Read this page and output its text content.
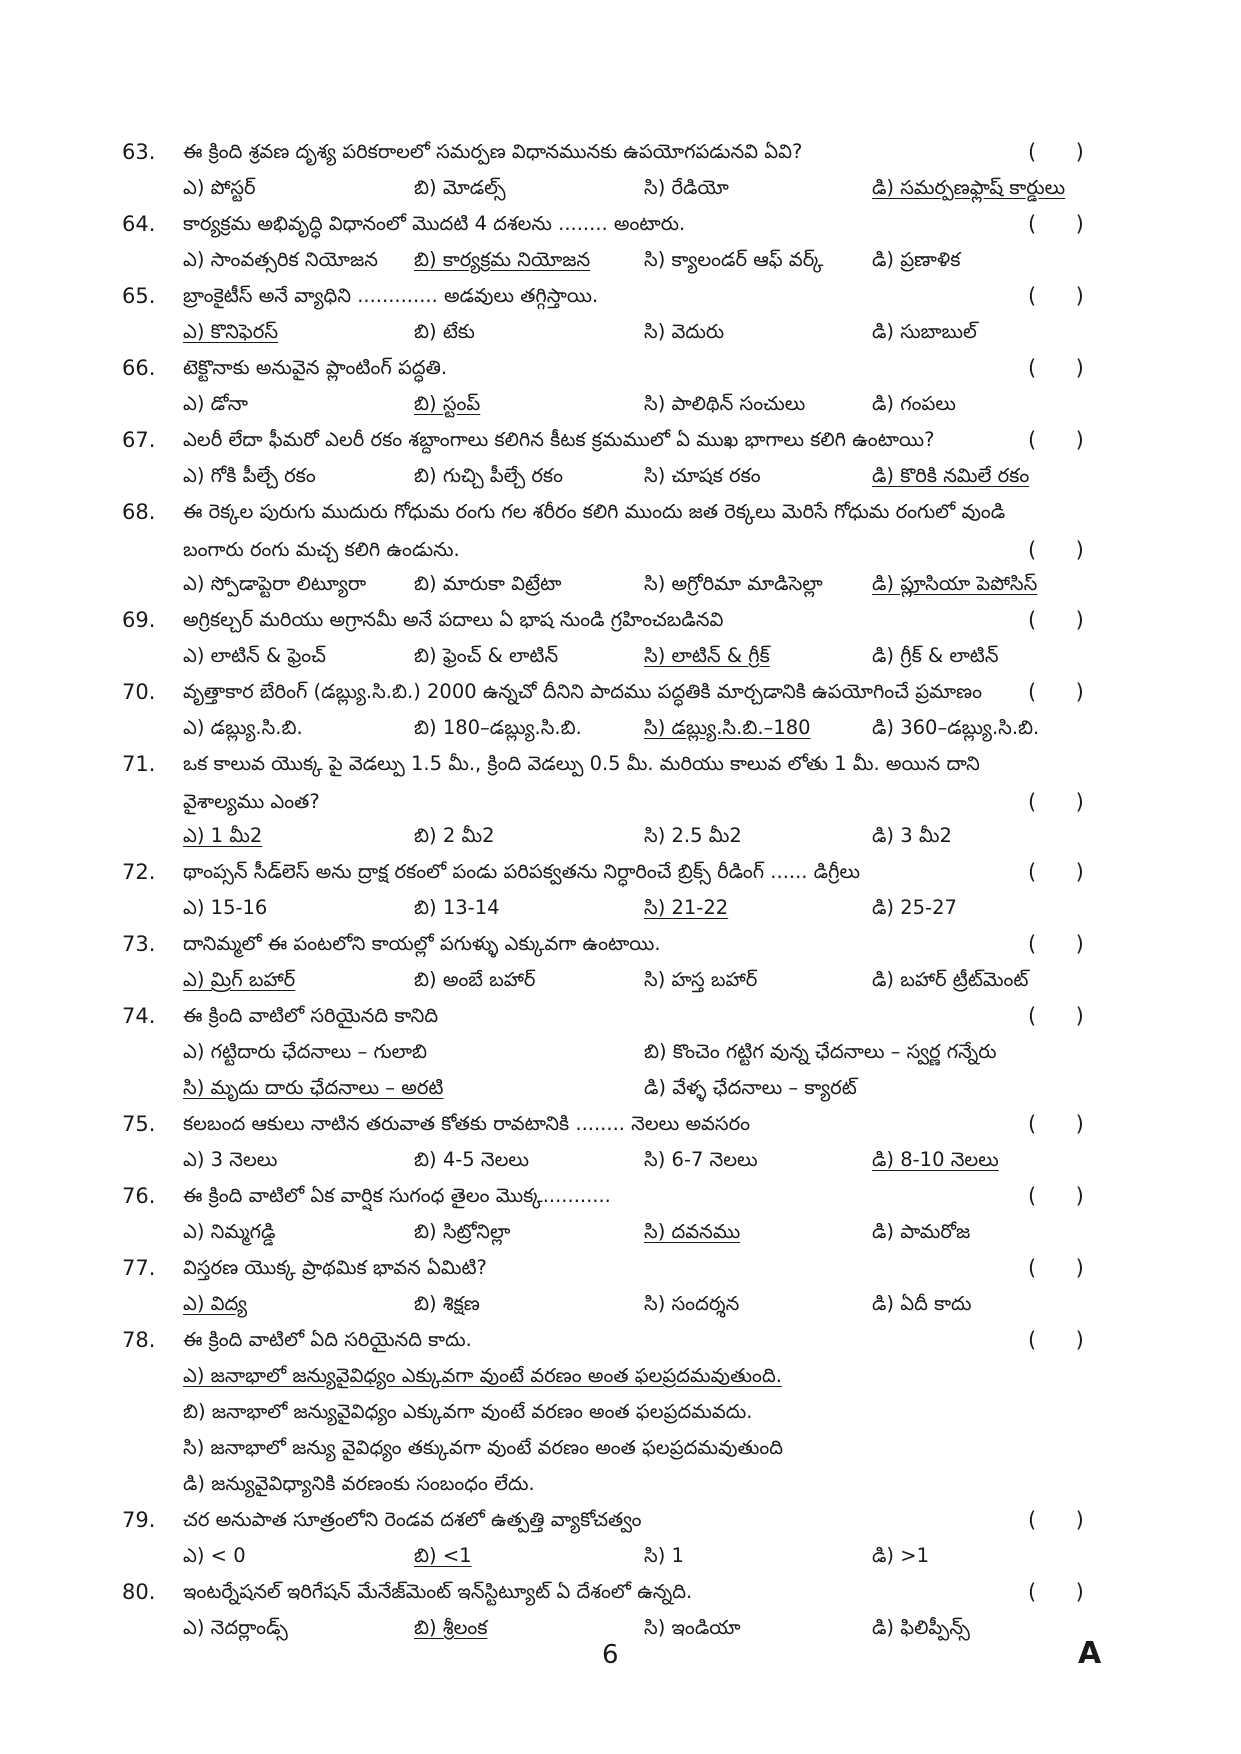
63. ఈ క్రింది శ్రవణ దృశ్య పరికరాలలో సమర్పణ విధానమునకు ఉపయోగపడునవి ఏవి?	(     )
ఎ) పోస్టర్	బి) మోడల్స్	సి) రేడియో	డి) సమర్పణఫ్లాష్ కార్డులు
64. కార్యక్రమ అభివృద్ధి విధానంలో మొదటి 4 దశలను ........ అంటారు.	(     )
ఎ) సాంవత్సరిక నియోజన బి) కార్యక్రమ నియోజన	సి) క్యాలండర్ ఆఫ్ వర్క్ డి) ప్రణాళిక
65. బ్రాంకైటీస్ అనే వ్యాధిని ............. అడవులు తగ్గిస్తాయి.	(     )
ఎ) కొనిఫెరస్	బి) టేకు	సి) వెదురు	డి) సుబాబుల్
66. టెక్టొనాకు అనువైన ప్లాంటింగ్ పద్ధతి.	(     )
ఎ) డోనా	బి) స్టంప్	సి) పాలిథిన్ సంచులు	డి) గంపలు
67. ఎలరీ లేదా ఫీమరో ఎలరీ రకం శబ్దాంగాలు కలిగిన కీటక క్రమములో ఏ ముఖ భాగాలు కలిగి ఉంటాయి?	(     )
ఎ) గోకి పీల్చే రకం	బి) గుచ్చి పీల్చే రకం	సి) చూషక రకం	డి) కొరికి నమిలే రకం
68. ఈ రెక్కల పురుగు ముదురు గోధుమ రంగు గల శరీరం కలిగి ముందు జత రెక్కలు మెరిసే గోధుమ రంగులో వుండి
బంగారు రంగు మచ్చ కలిగి ఉండును.	(     )
ఎ) స్పోడాప్టెరా లిట్యూరా బి) మారుకా విట్రేటా	సి) అగ్రోరిమా మాడిసెల్లా	డి) ప్లూసియా పెపోసిస్
69. అగ్రికల్చర్ మరియు అగ్రానమీ అనే పదాలు ఏ భాష నుండి గ్రహించబడినవి	(     )
ఎ) లాటిన్ & ఫ్రెంచ్	బి) ఫ్రెంచ్ & లాటిన్	సి) లాటిన్ & గ్రీక్	డి) గ్రీక్ & లాటిన్
70. వృత్తాకార బేరింగ్ (డబ్ల్యు.సి.బి.) 2000 ఉన్నచో దీనిని పాదము పద్ధతికి మార్చడానికి ఉపయోగించే ప్రమాణం	(     )
ఎ) డబ్ల్యు.సి.బి.	బి) 180–డబ్ల్యు.సి.బి.	సి) డబ్ల్యు.సి.బి.–180	డి) 360–డబ్ల్యు.సి.బి.
71. ఒక కాలువ యొక్క పై వెడల్పు 1.5 మీ., క్రింది వెడల్పు 0.5 మీ. మరియు కాలువ లోతు 1 మీ. అయిన దాని
వైశాల్యము ఎంత?	(     )
ఎ) 1 మీ2	బి) 2 మీ2	సి) 2.5 మీ2	డి) 3 మీ2
72. థాంప్సన్ సీడ్‌లెస్ అను ద్రాక్ష రకంలో పండు పరిపక్వతను నిర్ధారించే బ్రిక్స్ రీడింగ్ ...... డిగ్రీలు	(     )
ఎ) 15-16	బి) 13-14	సి) 21-22	డి) 25-27
73. దానిమ్మలో ఈ పంటలోని కాయల్లో పగుళ్ళు ఎక్కువగా ఉంటాయి.	(     )
ఎ) మ్రిగ్ బహార్	బి) అంబే బహార్	సి) హస్త బహార్	డి) బహార్ ట్రీట్‌మెంట్
74. ఈ క్రింది వాటిలో సరియైనది కానిది	(     )
ఎ) గట్టిదారు ఛేదనాలు – గులాబి	బి) కొంచెం గట్టిగ వున్న ఛేదనాలు – స్వర్ణ గన్నేరు
సి) మృదు దారు ఛేదనాలు – అరటి	డి) వేళ్ళ ఛేదనాలు – క్యారట్
75. కలబంద ఆకులు నాటిన తరువాత కోతకు రావటానికి ........ నెలలు అవసరం	(     )
ఎ) 3 నెలలు	బి) 4-5 నెలలు	సి) 6-7 నెలలు	డి) 8-10 నెలలు
76. ఈ క్రింది వాటిలో ఏక వార్షిక సుగంధ తైలం మొక్క...........	(     )
ఎ) నిమ్మగడ్డి	బి) సిట్రోనిల్లా	సి) దవనము	డి) పామరోజ
77. విస్తరణ యొక్క ప్రాథమిక భావన ఏమిటి?	(     )
ఎ) విద్య	బి) శిక్షణ	సి) సందర్శన	డి) ఏదీ కాదు
78. ఈ క్రింది వాటిలో ఏది సరియైనది కాదు.	(     )
ఎ) జనాభాలో జన్యువైవిధ్యం ఎక్కువగా వుంటే వరణం అంత ఫలప్రదమవుతుంది.
బి) జనాభాలో జన్యువైవిధ్యం ఎక్కువగా వుంటే వరణం అంత ఫలప్రదమవదు.
సి) జనాభాలో జన్యు వైవిధ్యం తక్కువగా వుంటే వరణం అంత ఫలప్రదమవుతుంది
డి) జన్యువైవిధ్యానికి వరణంకు సంబంధం లేదు.
79. చర అనుపాత సూత్రంలోని రెండవ దశలో ఉత్పత్తి వ్యాకోచత్వం	(     )
ఎ) < 0	బి) <1	సి) 1	డి) >1
80. ఇంటర్నేషనల్ ఇరిగేషన్ మేనేజ్‌మెంట్ ఇన్‌స్టిట్యూట్ ఏ దేశంలో ఉన్నది.	(     )
ఎ) నెదర్లాండ్స్	బి) శ్రీలంక	సి) ఇండియా	డి) ఫిలిప్పీన్స్
6	A
